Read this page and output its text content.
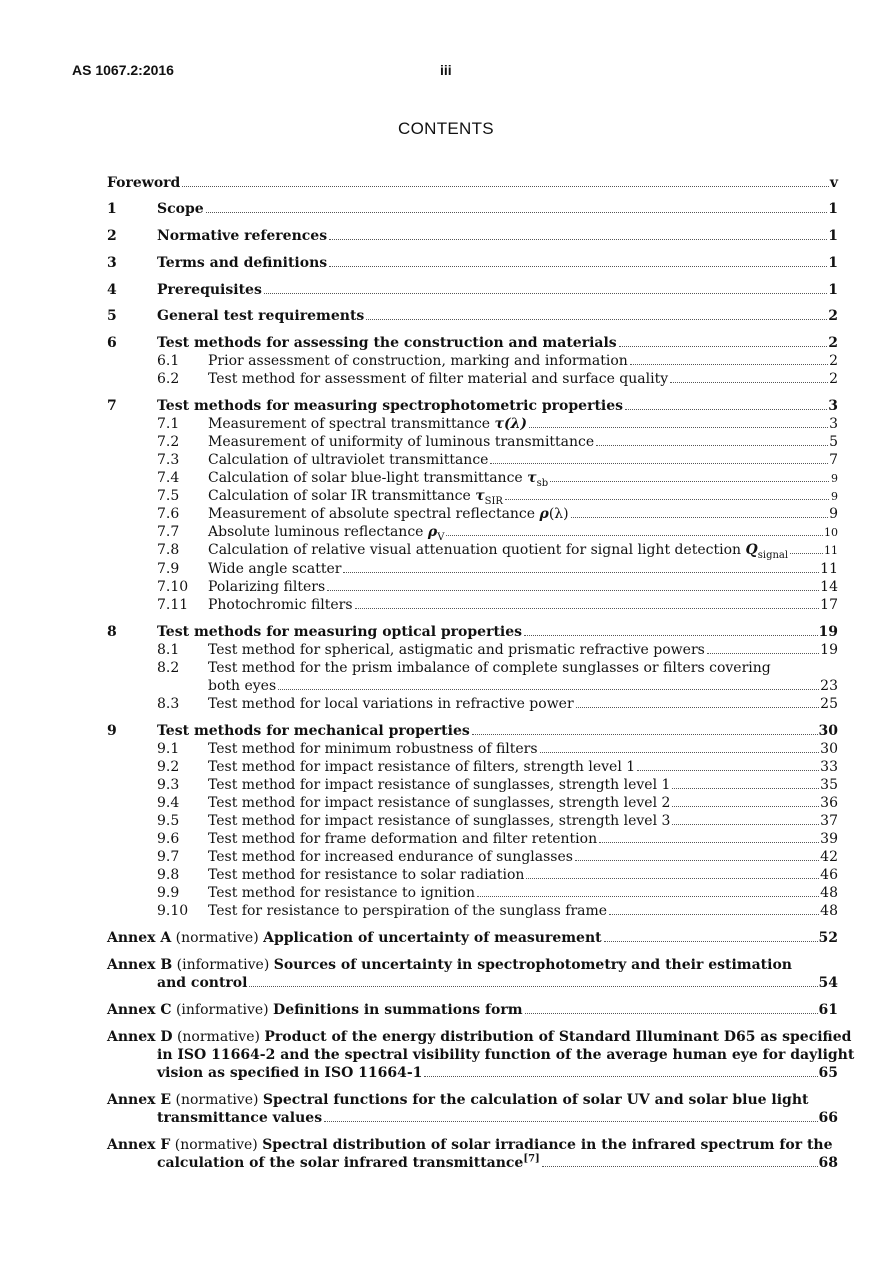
AS 1067.2:2016	iii
CONTENTS
Foreword	v
1	Scope	1
2	Normative references	1
3	Terms and definitions	1
4	Prerequisites	1
5	General test requirements	2
6	Test methods for assessing the construction and materials	2
6.1 Prior assessment of construction, marking and information	2
6.2 Test method for assessment of filter material and surface quality	2
7	Test methods for measuring spectrophotometric properties	3
7.1 Measurement of spectral transmittance τ(λ)	3
7.2 Measurement of uniformity of luminous transmittance	5
7.3 Calculation of ultraviolet transmittance	7
7.4 Calculation of solar blue-light transmittance $\tau_{sb}$	9
7.5 Calculation of solar IR transmittance $\tau_{SIR}$	9
7.6 Measurement of absolute spectral reflectance ρ(λ)	9
7.7 Absolute luminous reflectance $\rho_V$	10
7.8 Calculation of relative visual attenuation quotient for signal light detection $Q_{signal}$	11
7.9 Wide angle scatter	11
7.10 Polarizing filters	14
7.11 Photochromic filters	17
8	Test methods for measuring optical properties	19
8.1 Test method for spherical, astigmatic and prismatic refractive powers	19
8.2 Test method for the prism imbalance of complete sunglasses or filters covering
both eyes	23
8.3 Test method for local variations in refractive power	25
9	Test methods for mechanical properties	30
9.1 Test method for minimum robustness of filters	30
9.2 Test method for impact resistance of filters, strength level 1	33
9.3 Test method for impact resistance of sunglasses, strength level 1	35
9.4 Test method for impact resistance of sunglasses, strength level 2	36
9.5 Test method for impact resistance of sunglasses, strength level 3	37
9.6 Test method for frame deformation and filter retention	39
9.7 Test method for increased endurance of sunglasses	42
9.8 Test method for resistance to solar radiation	46
9.9 Test method for resistance to ignition	48
9.10 Test for resistance to perspiration of the sunglass frame	48
Annex A (normative) Application of uncertainty of measurement	52
Annex B (informative) Sources of uncertainty in spectrophotometry and their estimation
and control	54
Annex C (informative) Definitions in summations form	61
Annex D (normative) Product of the energy distribution of Standard Illuminant D65 as specified
in ISO 11664-2 and the spectral visibility function of the average human eye for daylight
vision as specified in ISO 11664-1	65
Annex E (normative) Spectral functions for the calculation of solar UV and solar blue light
transmittance values	66
Annex F (normative) Spectral distribution of solar irradiance in the infrared spectrum for the
calculation of the solar infrared transmittance[7]	68
